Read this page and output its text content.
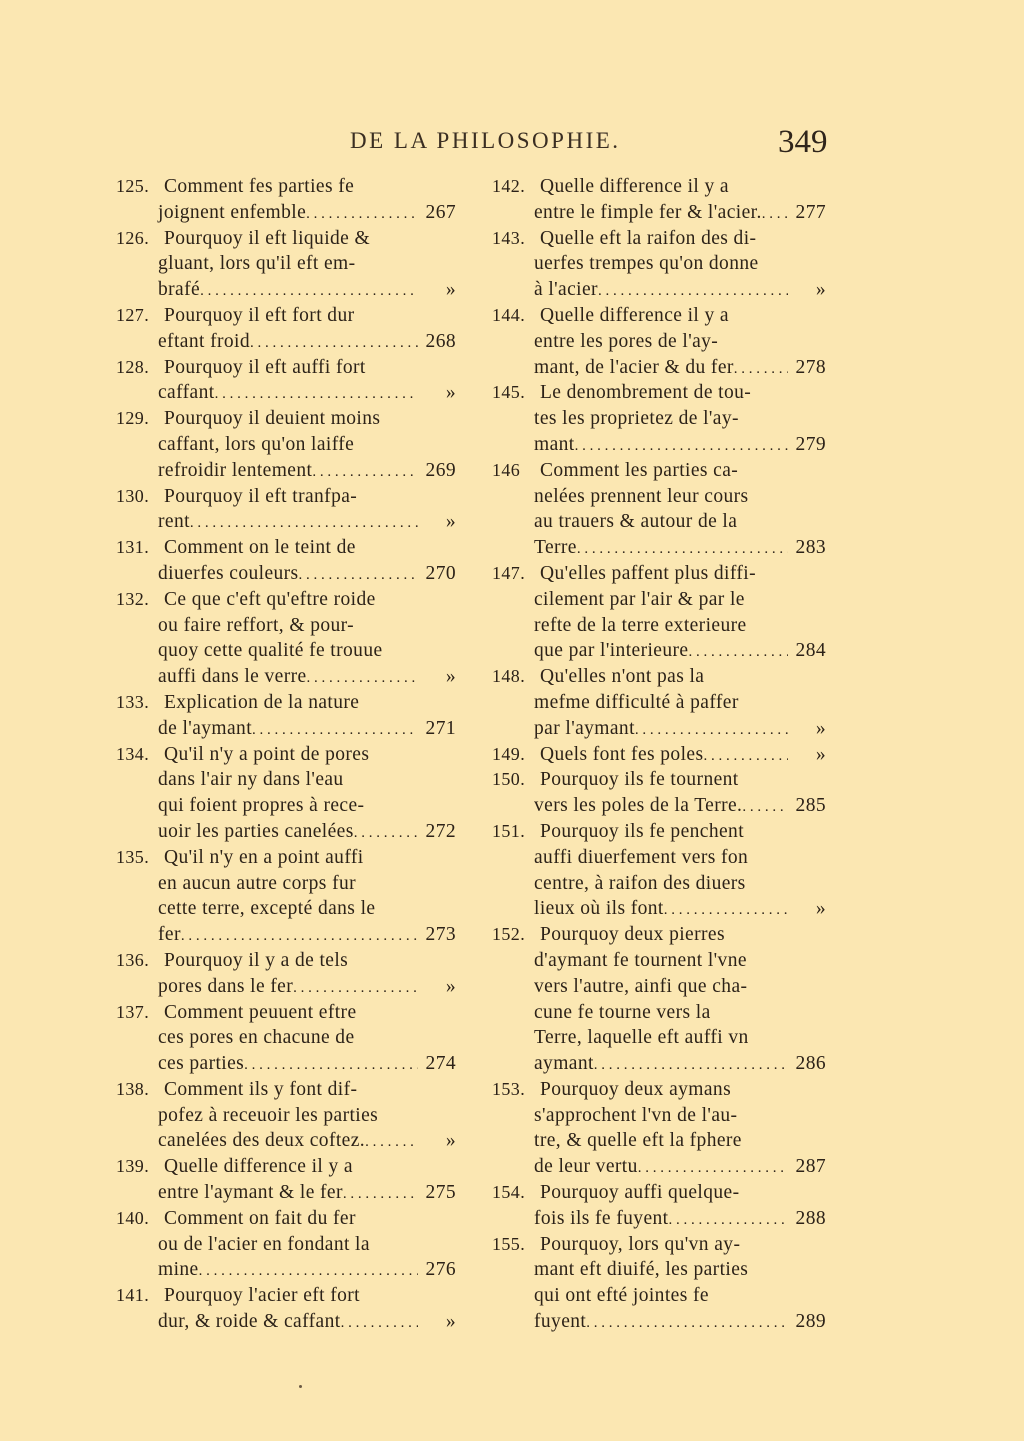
DE LA PHILOSOPHIE.	349
125. Comment fes parties fe
joignent enfemble . . .	267
126. Pourquoy il eft liquide &
gluant, lors qu'il eft em-
brafé . . .	»
127. Pourquoy il eft fort dur
eftant froid . . .	268
128. Pourquoy il eft auffi fort
caffant . . .	»
129. Pourquoy il deuient moins
caffant, lors qu'on laiffe
refroidir lentement . . .	269
130. Pourquoy il eft tranfpa-
rent . . .	»
131. Comment on le teint de
diuerfes couleurs . . .	270
132. Ce que c'eft qu'eftre roide
ou faire reffort, & pour-
quoy cette qualité fe trouue
auffi dans le verre . . .	»
133. Explication de la nature
de l'aymant . . .	271
134. Qu'il n'y a point de pores
dans l'air ny dans l'eau
qui foient propres à rece-
uoir les parties canelées . . .	272
135. Qu'il n'y en a point auffi
en aucun autre corps fur
cette terre, excepté dans le
fer . . .	273
136. Pourquoy il y a de tels
pores dans le fer . . .	»
137. Comment peuuent eftre
ces pores en chacune de
ces parties . . .	274
138. Comment ils y font dif-
pofez à receuoir les parties
canelées des deux coftez. . . .	»
139. Quelle difference il y a
entre l'aymant & le fer . . .	275
140. Comment on fait du fer
ou de l'acier en fondant la
mine . . .	276
141. Pourquoy l'acier eft fort
dur, & roide & caffant . . .	»
142. Quelle difference il y a
entre le fimple fer & l'acier. . . .	277
143. Quelle eft la raifon des di-
uerfes trempes qu'on donne
à l'acier . . .	»
144. Quelle difference il y a
entre les pores de l'ay-
mant, de l'acier & du fer . . .	278
145. Le denombrement de tou-
tes les proprietez de l'ay-
mant . . .	279
146	Comment les parties ca-
nelées prennent leur cours
au trauers & autour de la
Terre . . .	283
147. Qu'elles paffent plus diffi-
cilement par l'air & par le
refte de la terre exterieure
que par l'interieure . . .	284
148. Qu'elles n'ont pas la
mefme difficulté à paffer
par l'aymant . . .	»
149. Quels font fes poles . . .	»
150. Pourquoy ils fe tournent
vers les poles de la Terre. . . .	285
151. Pourquoy ils fe penchent
auffi diuerfement vers fon
centre, à raifon des diuers
lieux où ils font . . .	»
152. Pourquoy deux pierres
d'aymant fe tournent l'vne
vers l'autre, ainfi que cha-
cune fe tourne vers la
Terre, laquelle eft auffi vn
aymant . . .	286
153. Pourquoy deux aymans
s'approchent l'vn de l'au-
tre, & quelle eft la fphere
de leur vertu . . .	287
154. Pourquoy auffi quelque-
fois ils fe fuyent . . .	288
155. Pourquoy, lors qu'vn ay-
mant eft diuifé, les parties
qui ont efté jointes fe
fuyent . . .	289
